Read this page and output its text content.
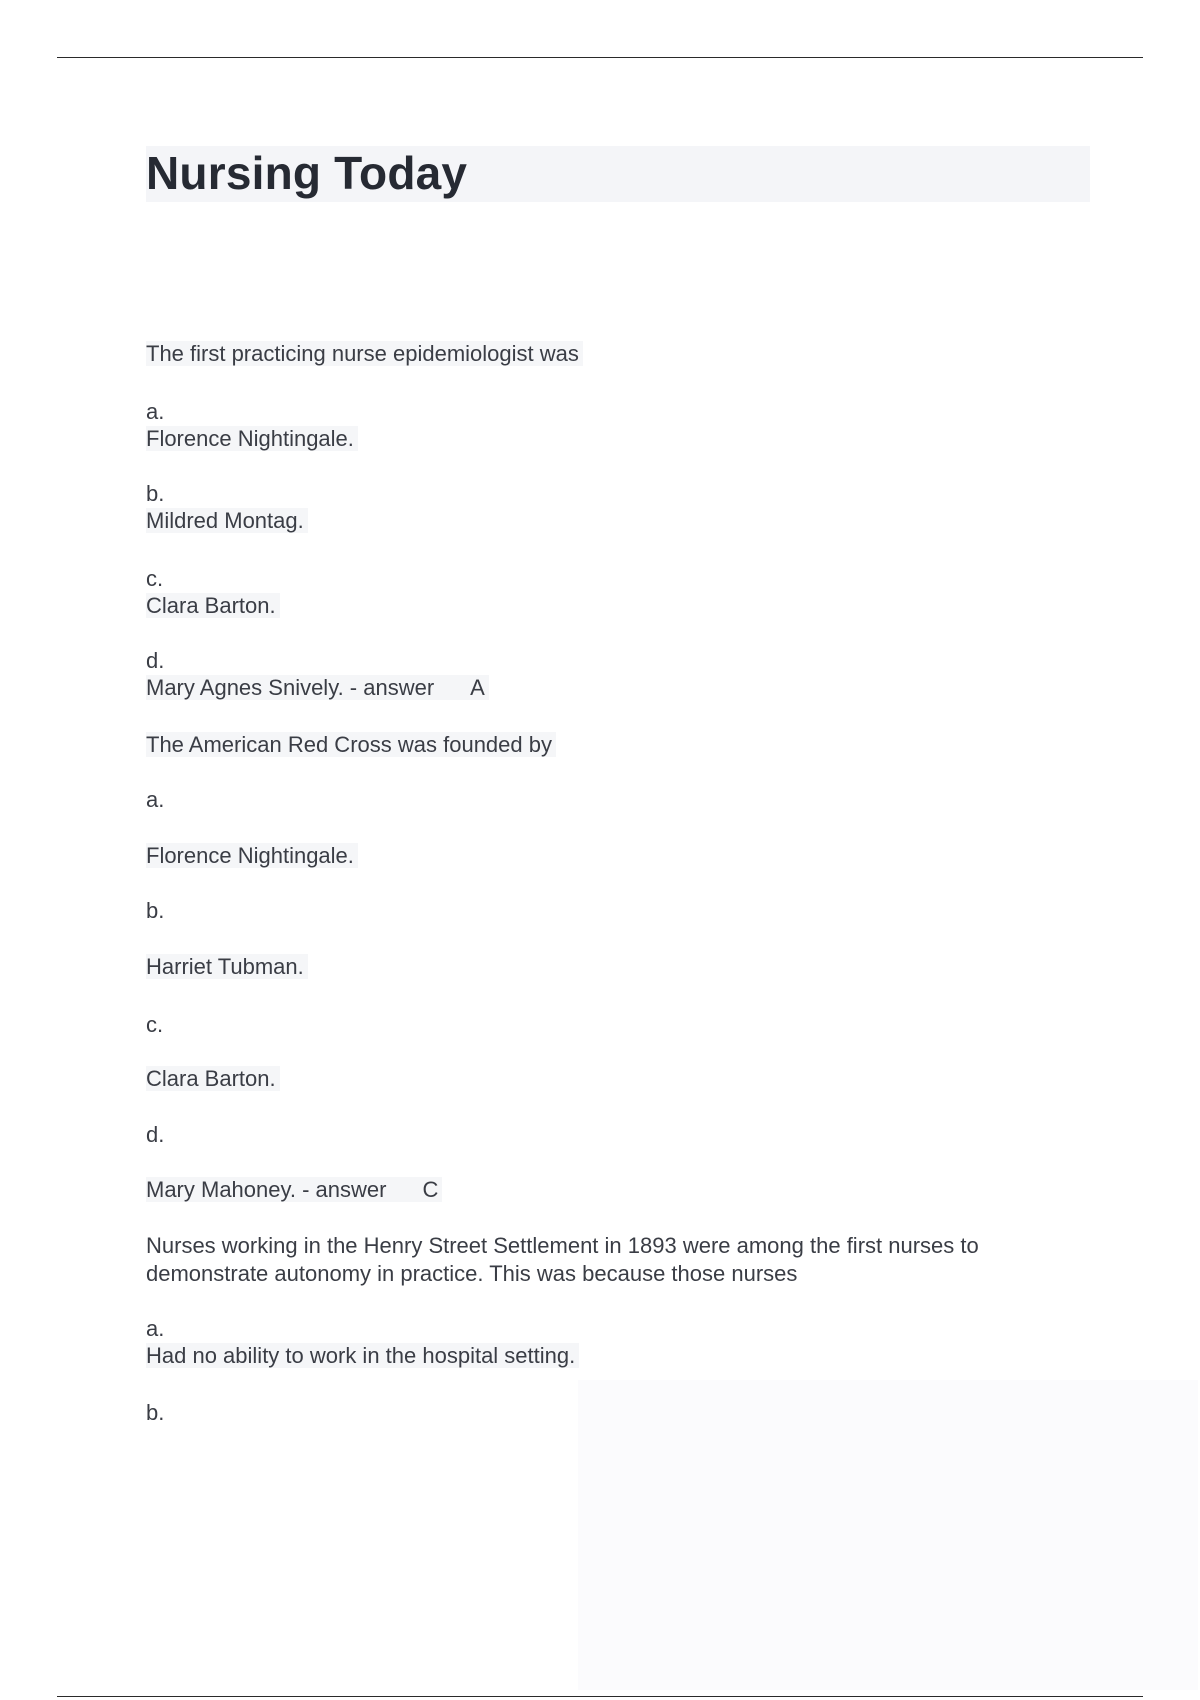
Nursing Today
The first practicing nurse epidemiologist was
a.
Florence Nightingale.
b.
Mildred Montag.
c.
Clara Barton.
d.
Mary Agnes Snively. - answer A
The American Red Cross was founded by
a.
Florence Nightingale.
b.
Harriet Tubman.
c.
Clara Barton.
d.
Mary Mahoney. - answer C

Nurses working in the Henry Street Settlement in 1893 were among the first nurses to demonstrate autonomy in practice. This was because those nurses

a.
Had no ability to work in the hospital setting.
b.
